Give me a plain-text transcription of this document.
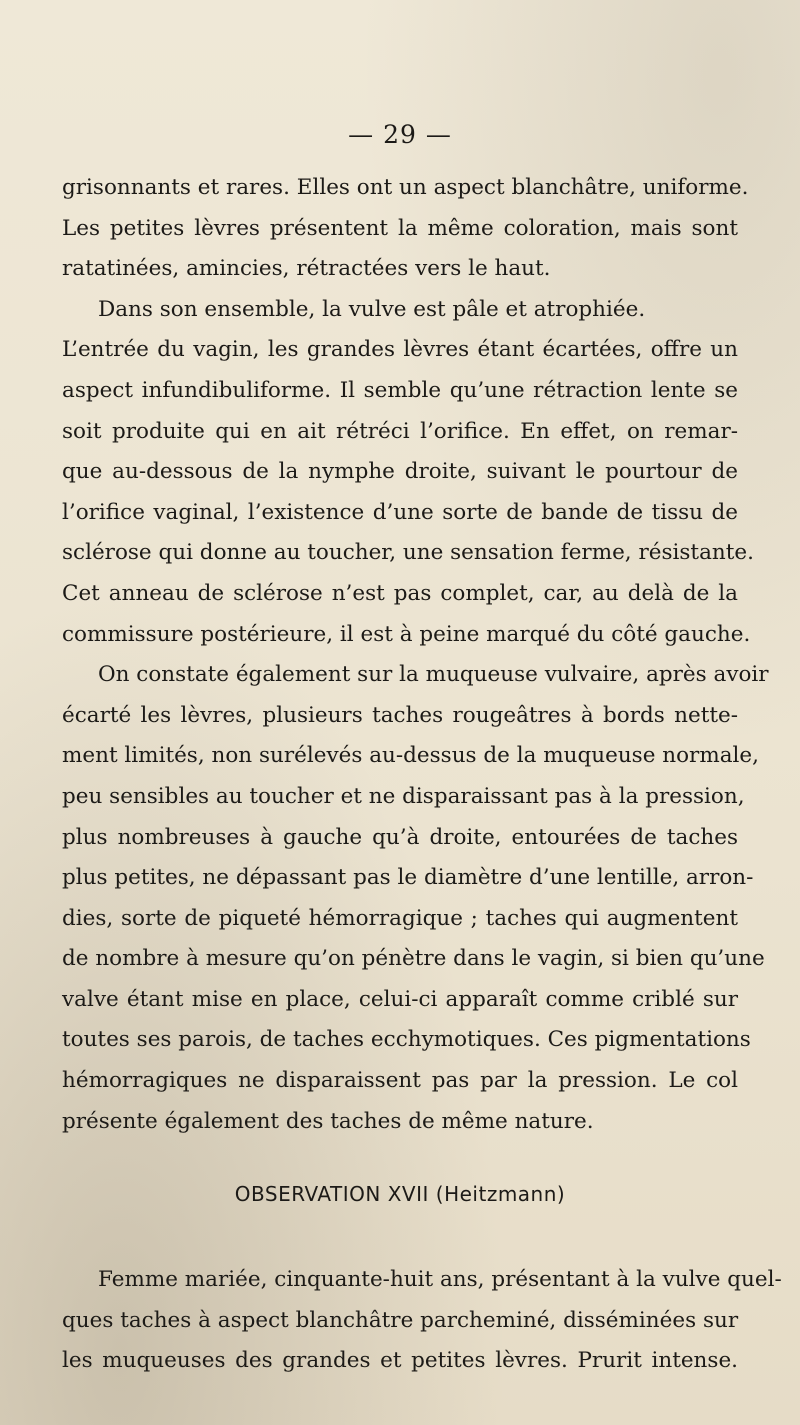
— 29 —
grisonnants et rares. Elles ont un aspect blanchâtre, uniforme.
Les petites lèvres présentent la même coloration, mais sont
ratatinées, amincies, rétractées vers le haut.
Dans son ensemble, la vulve est pâle et atrophiée.
L’entrée du vagin, les grandes lèvres étant écartées, offre un
aspect infundibuliforme. Il semble qu’une rétraction lente se
soit produite qui en ait rétréci l’orifice. En effet, on remar-
que au-dessous de la nymphe droite, suivant le pourtour de
l’orifice vaginal, l’existence d’une sorte de bande de tissu de
sclérose qui donne au toucher, une sensation ferme, résistante.
Cet anneau de sclérose n’est pas complet, car, au delà de la
commissure postérieure, il est à peine marqué du côté gauche.
On constate également sur la muqueuse vulvaire, après avoir
écarté les lèvres, plusieurs taches rougeâtres à bords nette-
ment limités, non surélevés au-dessus de la muqueuse normale,
peu sensibles au toucher et ne disparaissant pas à la pression,
plus nombreuses à gauche qu’à droite, entourées de taches
plus petites, ne dépassant pas le diamètre d’une lentille, arron-
dies, sorte de piqueté hémorragique ; taches qui augmentent
de nombre à mesure qu’on pénètre dans le vagin, si bien qu’une
valve étant mise en place, celui-ci apparaît comme criblé sur
toutes ses parois, de taches ecchymotiques. Ces pigmentations
hémorragiques ne disparaissent pas par la pression. Le col
présente également des taches de même nature.
OBSERVATION XVII (Heitzmann)
Femme mariée, cinquante-huit ans, présentant à la vulve quel-
ques taches à aspect blanchâtre parcheminé, disséminées sur
les muqueuses des grandes et petites lèvres. Prurit intense.
